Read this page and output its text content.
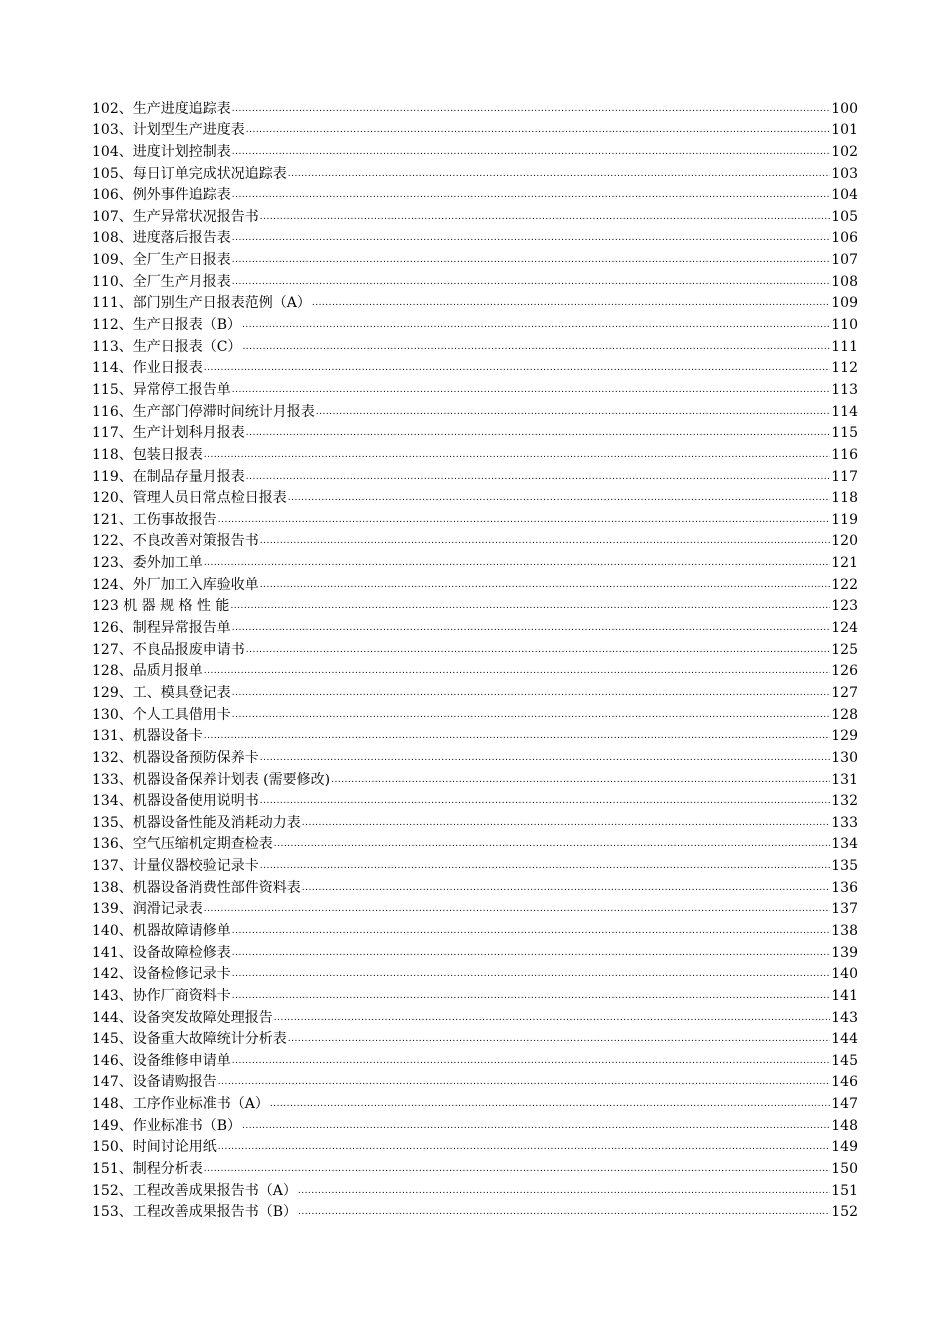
102、生产进度追踪表 .....	100
103、计划型生产进度表 .....	101
104、进度计划控制表 .....	102
105、每日订单完成状况追踪表 .....	103
106、例外事件追踪表 .....	104
107、生产异常状况报告书 .....	105
108、进度落后报告表 .....	106
109、全厂生产日报表 .....	107
110、全厂生产月报表 .....	108
111、部门别生产日报表范例（A） .....	109
112、生产日报表（B） .....	110
113、生产日报表（C） .....	111
114、作业日报表 .....	112
115、异常停工报告单 .....	113
116、生产部门停滞时间统计月报表 .....	114
117、生产计划科月报表 .....	115
118、包装日报表 .....	116
119、在制品存量月报表 .....	117
120、管理人员日常点检日报表 .....	118
121、工伤事故报告 .....	119
122、不良改善对策报告书 .....	120
123、委外加工单 .....	121
124、外厂加工入库验收单 .....	122
123 机 器 规 格 性 能 .....	123
126、制程异常报告单 .....	124
127、不良品报废申请书 .....	125
128、品质月报单 .....	126
129、工、模具登记表 .....	127
130、个人工具借用卡 .....	128
131、机器设备卡 .....	129
132、机器设备预防保养卡 .....	130
133、机器设备保养计划表 (需要修改) .....	131
134、机器设备使用说明书 .....	132
135、机器设备性能及消耗动力表 .....	133
136、空气压缩机定期查检表 .....	134
137、计量仪器校验记录卡 .....	135
138、机器设备消费性部件资料表 .....	136
139、润滑记录表 .....	137
140、机器故障请修单 .....	138
141、设备故障检修表 .....	139
142、设备检修记录卡 .....	140
143、协作厂商资料卡 .....	141
144、设备突发故障处理报告 .....	143
145、设备重大故障统计分析表 .....	144
146、设备维修申请单 .....	145
147、设备请购报告 .....	146
148、工序作业标准书（A） .....	147
149、作业标准书（B） .....	148
150、时间讨论用纸 .....	149
151、制程分析表 .....	150
152、工程改善成果报告书（A） .....	151
153、工程改善成果报告书（B） .....	152
